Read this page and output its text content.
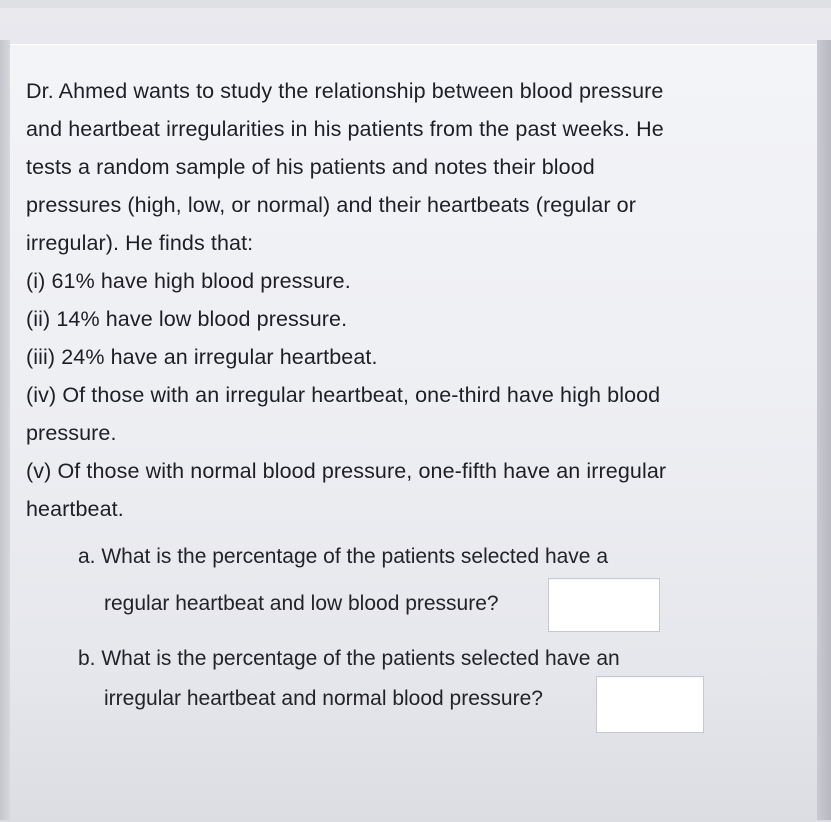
Dr. Ahmed wants to study the relationship between blood pressure
and heartbeat irregularities in his patients from the past weeks. He
tests a random sample of his patients and notes their blood
pressures (high, low, or normal) and their heartbeats (regular or
irregular). He finds that:
(i) 61% have high blood pressure.
(ii) 14% have low blood pressure.
(iii) 24% have an irregular heartbeat.
(iv) Of those with an irregular heartbeat, one-third have high blood
pressure.
(v) Of those with normal blood pressure, one-fifth have an irregular
heartbeat.
a. What is the percentage of the patients selected have a
regular heartbeat and low blood pressure?
b. What is the percentage of the patients selected have an
irregular heartbeat and normal blood pressure?
